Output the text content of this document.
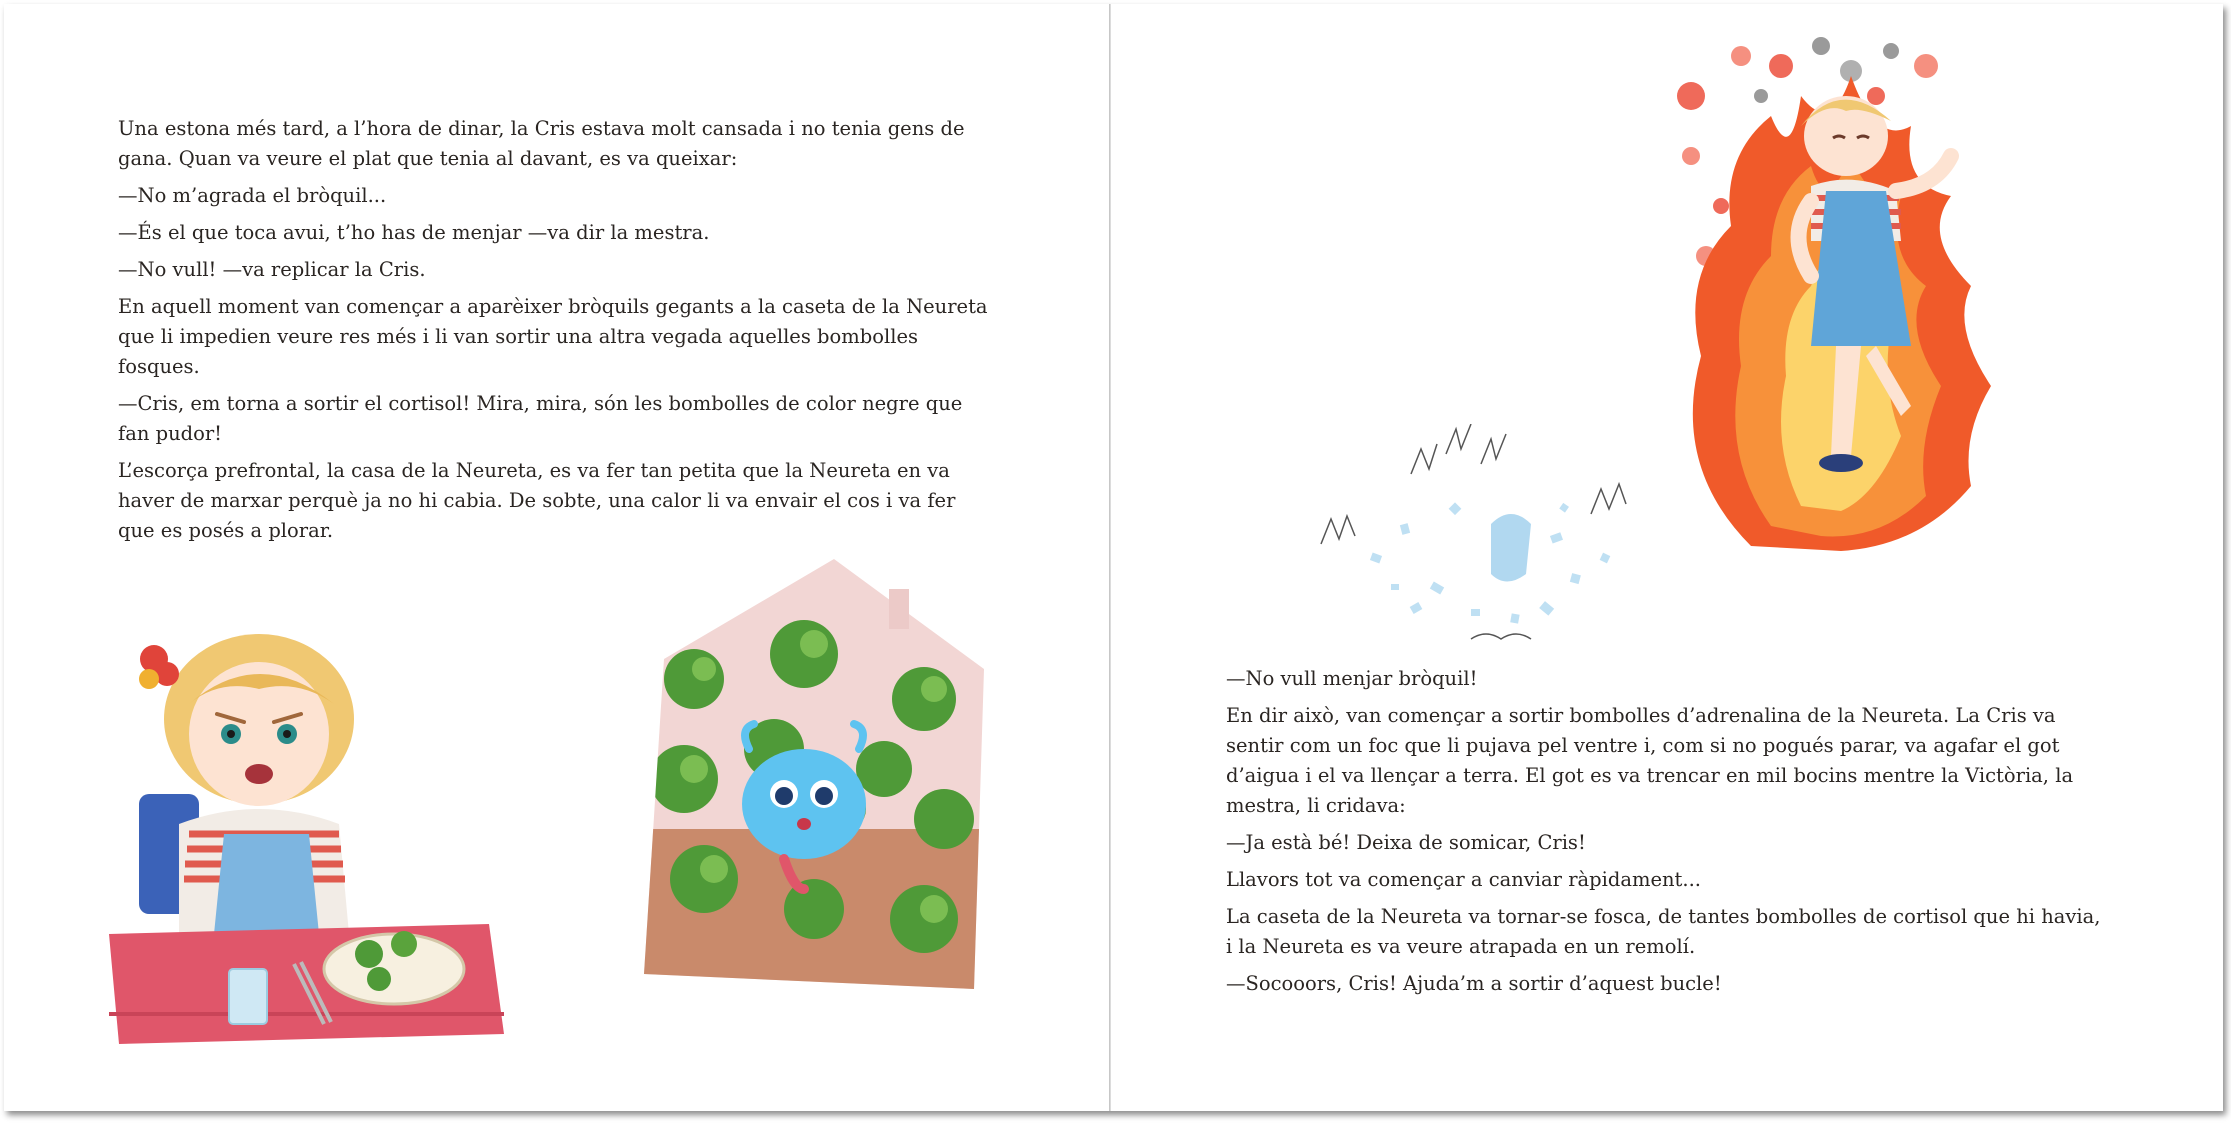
Una estona més tard, a l’hora de dinar, la Cris estava molt cansada i no tenia gens de gana. Quan va veure el plat que tenia al davant, es va queixar:

—No m’agrada el bròquil...

—És el que toca avui, t’ho has de menjar —va dir la mestra.

—No vull! —va replicar la Cris.

En aquell moment van començar a aparèixer bròquils gegants a la caseta de la Neureta que li impedien veure res més i li van sortir una altra vegada aquelles bombolles fosques.

—Cris, em torna a sortir el cortisol! Mira, mira, són les bombolles de color negre que fan pudor!

L’escorça prefrontal, la casa de la Neureta, es va fer tan petita que la Neureta en va haver de marxar perquè ja no hi cabia. De sobte, una calor li va envair el cos i va fer que es posés a plorar.

—No vull menjar bròquil!

En dir això, van començar a sortir bombolles d’adrenalina de la Neureta. La Cris va sentir com un foc que li pujava pel ventre i, com si no pogués parar, va agafar el got d’aigua i el va llençar a terra. El got es va trencar en mil bocins mentre la Victòria, la mestra, li cridava:

—Ja està bé! Deixa de somicar, Cris!

Llavors tot va començar a canviar ràpidament...

La caseta de la Neureta va tornar-se fosca, de tantes bombolles de cortisol que hi havia, i la Neureta es va veure atrapada en un remolí.

—Socooors, Cris! Ajuda’m a sortir d’aquest bucle!
